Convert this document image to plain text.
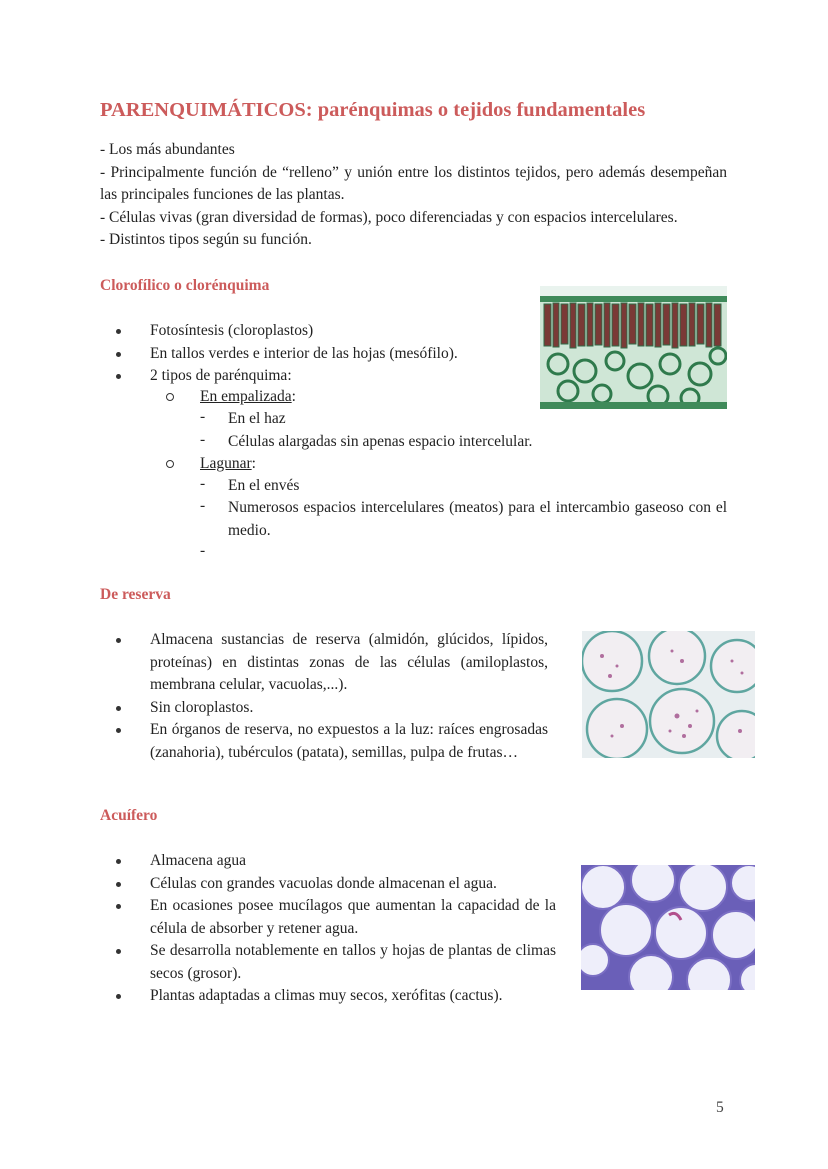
PARENQUIMÁTICOS: parénquimas o tejidos fundamentales

- Los más abundantes

- Principalmente función de “relleno” y unión entre los distintos tejidos, pero además desempeñan las principales funciones de las plantas.

- Células vivas (gran diversidad de formas), poco diferenciadas y con espacios intercelulares.

- Distintos tipos según su función.

Clorofílico o clorénquima
Fotosíntesis (cloroplastos)
En tallos verdes e interior de las hojas (mesófilo).
2 tipos de parénquima:
En empalizada:
- En el haz
- Células alargadas sin apenas espacio intercelular.
Lagunar:
- En el envés
- Numerosos espacios intercelulares (meatos) para el intercambio gaseoso con el medio.
-
De reserva
Almacena sustancias de reserva (almidón, glúcidos, lípidos, proteínas) en distintas zonas de las células (amiloplastos, membrana celular, vacuolas,...).
Sin cloroplastos.
En órganos de reserva, no expuestos a la luz: raíces engrosadas (zanahoria), tubérculos (patata), semillas, pulpa de frutas…
Acuífero
Almacena agua
Células con grandes vacuolas donde almacenan el agua.
En ocasiones posee mucílagos que aumentan la capacidad de la célula de absorber y retener agua.
Se desarrolla notablemente en tallos y hojas de plantas de climas secos (grosor).
Plantas adaptadas a climas muy secos, xerófitas (cactus).
5
